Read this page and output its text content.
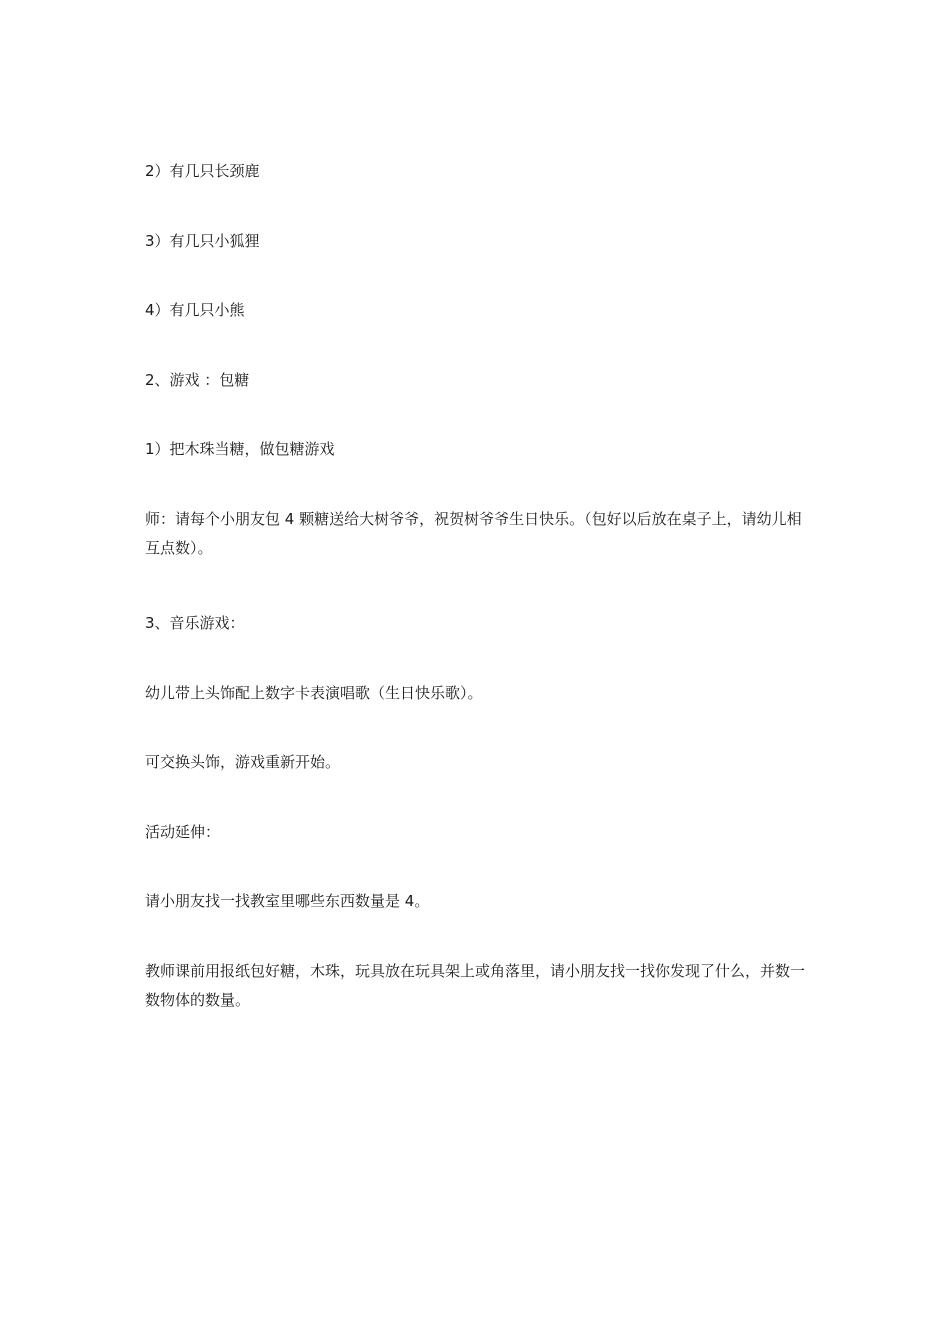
2）有几只长颈鹿

3）有几只小狐狸

4）有几只小熊

2、游戏 ：包糖

1）把木珠当糖，做包糖游戏

师：请每个小朋友包 4 颗糖送给大树爷爷，祝贺树爷爷生日快乐。（包好以后放在桌子上，请幼儿相互点数）。

3、音乐游戏：

幼儿带上头饰配上数字卡表演唱歌（生日快乐歌）。

可交换头饰，游戏重新开始。

活动延伸：

请小朋友找一找教室里哪些东西数量是 4。

教师课前用报纸包好糖，木珠，玩具放在玩具架上或角落里，请小朋友找一找你发现了什么，并数一数物体的数量。
